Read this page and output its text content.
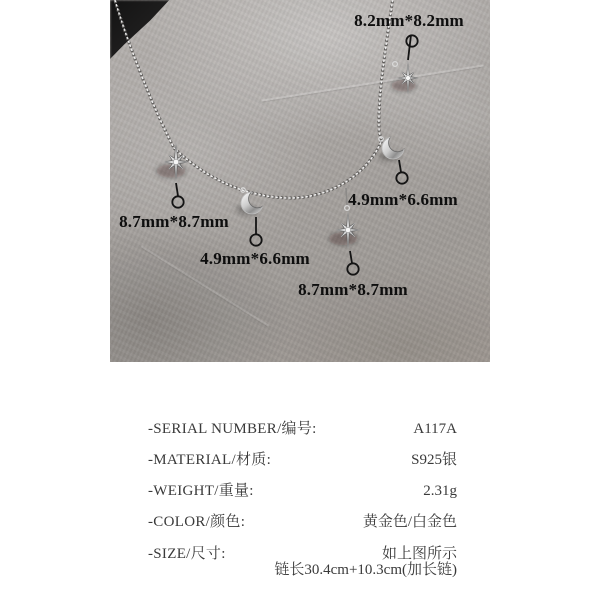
8.2mm*8.2mm
8.7mm*8.7mm
4.9mm*6.6mm
4.9mm*6.6mm
8.7mm*8.7mm
-SERIAL NUMBER/编号:	A117A
-MATERIAL/材质:	S925银
-WEIGHT/重量:	2.31g
-COLOR/颜色:	黄金色/白金色
-SIZE/尺寸:	如上图所示
链长30.4cm+10.3cm(加长链)
